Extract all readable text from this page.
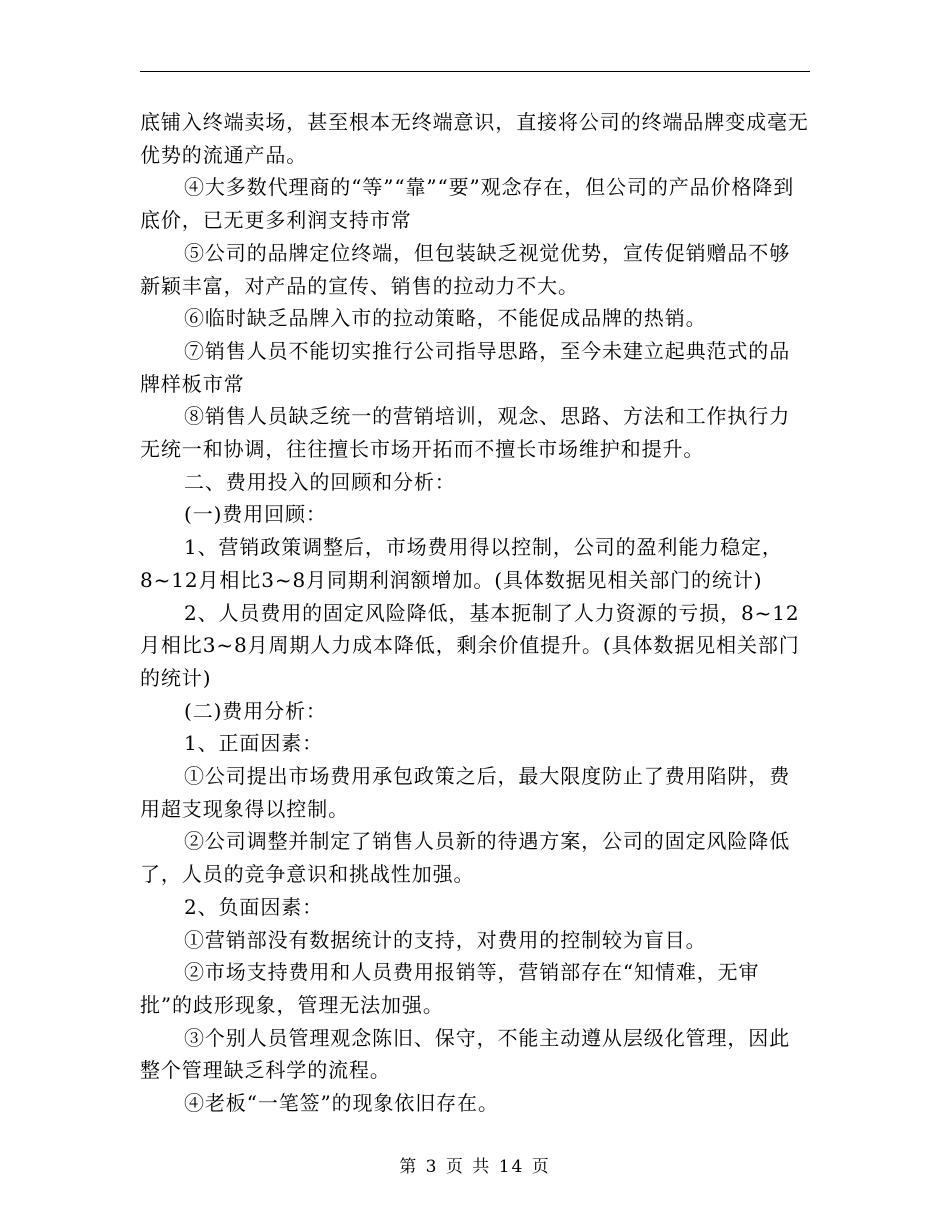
底铺入终端卖场，甚至根本无终端意识，直接将公司的终端品牌变成毫无优势的流通产品。

④大多数代理商的“等”“靠”“要”观念存在，但公司的产品价格降到底价，已无更多利润支持市常

⑤公司的品牌定位终端，但包装缺乏视觉优势，宣传促销赠品不够新颖丰富，对产品的宣传、销售的拉动力不大。

⑥临时缺乏品牌入市的拉动策略，不能促成品牌的热销。

⑦销售人员不能切实推行公司指导思路，至今未建立起典范式的品牌样板市常

⑧销售人员缺乏统一的营销培训，观念、思路、方法和工作执行力无统一和协调，往往擅长市场开拓而不擅长市场维护和提升。

二、费用投入的回顾和分析：

(一)费用回顾：

1、营销政策调整后，市场费用得以控制，公司的盈利能力稳定，8~12月相比3~8月同期利润额增加。(具体数据见相关部门的统计)

2、人员费用的固定风险降低，基本扼制了人力资源的亏损，8~12月相比3~8月周期人力成本降低，剩余价值提升。(具体数据见相关部门的统计)

(二)费用分析：

1、正面因素：

①公司提出市场费用承包政策之后，最大限度防止了费用陷阱，费用超支现象得以控制。

②公司调整并制定了销售人员新的待遇方案，公司的固定风险降低了，人员的竞争意识和挑战性加强。

2、负面因素：

①营销部没有数据统计的支持，对费用的控制较为盲目。

②市场支持费用和人员费用报销等，营销部存在“知情难，无审批”的歧形现象，管理无法加强。

③个别人员管理观念陈旧、保守，不能主动遵从层级化管理，因此整个管理缺乏科学的流程。

④老板“一笔签”的现象依旧存在。

第 3 页 共 14 页
